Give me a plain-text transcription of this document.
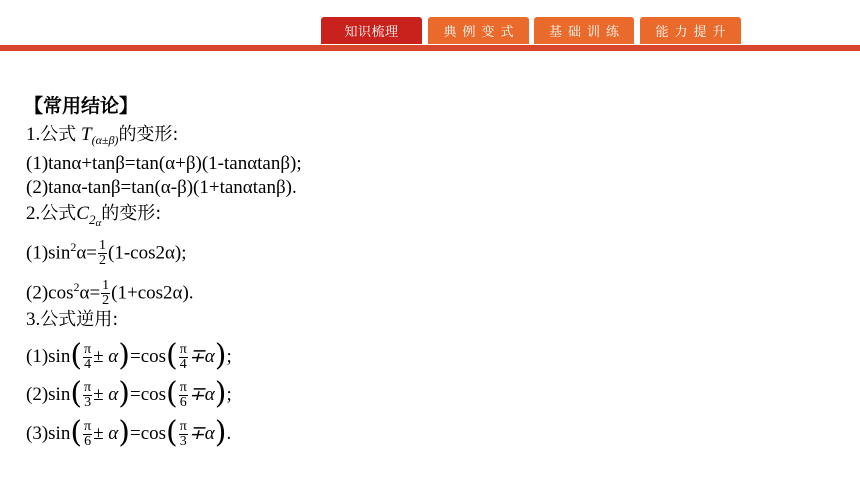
知识梳理	典例变式	基础训练	能力提升
【常用结论】
1.公式 $T_{(\alpha\pm\beta)}$的变形:
(1)tanα+tanβ=tan(α+β)(1-tanαtanβ);
(2)tanα-tanβ=tan(α-β)(1+tanαtanβ).
2.公式$C_{2\alpha}$的变形:
$(1)\sin^2\alpha= \frac{1}{2} (1-\cos 2\alpha)$;
$(2)\cos^2\alpha= \frac{1}{2} (1+\cos 2\alpha)$.
3.公式逆用:
$(1)\sin( \frac{\pi}{4} \pm \alpha)=\cos( \frac{\pi}{4} \mp\alpha)$;
$(2)\sin( \frac{\pi}{3} \pm \alpha)=\cos( \frac{\pi}{6} \mp\alpha)$;
$(3)\sin( \frac{\pi}{6} \pm \alpha)=\cos( \frac{\pi}{3} \mp\alpha)$.
